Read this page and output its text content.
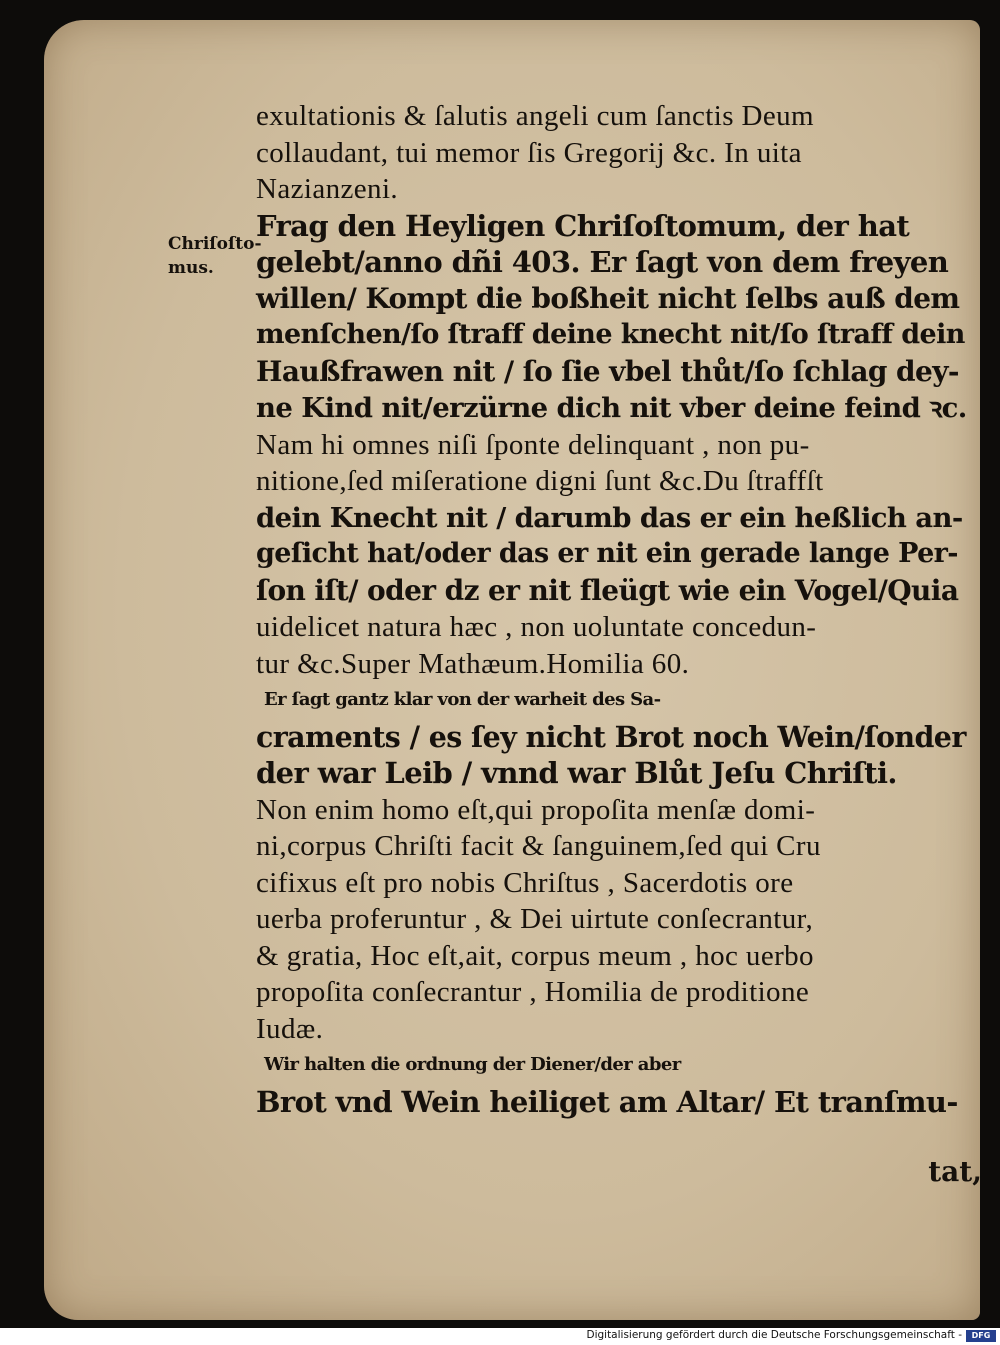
Chriſoſto-
mus.
exultationis & ſalutis angeli cum ſanctis Deum
collaudant, tui memor ſis Gregorij &c. In uita
Nazianzeni.
Frag den Heyligen Chriſoſtomum, der hat
gelebt/anno dñi 403. Er ſagt von dem freyen
willen/ Kompt die boßheit nicht ſelbs auß dem
menſchen/ſo ſtraff deine knecht nit/ſo ſtraff dein
Haußfrawen nit / ſo ſie vbel thůt/ſo ſchlag dey-
ne Kind nit/erzürne dich nit vber deine feind ꝛc.
Nam hi omnes niſi ſponte delinquant , non pu-
nitione,ſed miſeratione digni ſunt &c.Du ſtraffſt
dein Knecht nit / darumb das er ein heßlich an-
geſicht hat/oder das er nit ein gerade lange Per-
ſon iſt/ oder dz er nit fleügt wie ein Vogel/Quia
uidelicet natura hæc , non uoluntate concedun-
tur &c.Super Mathæum.Homilia 60.
Er ſagt gantz klar von der warheit des Sa-
craments / es ſey nicht Brot noch Wein/ſonder
der war Leib / vnnd war Blůt Jeſu Chriſti.
Non enim homo eſt,qui propoſita menſæ domi-
ni,corpus Chriſti facit & ſanguinem,ſed qui Cru
cifixus eſt pro nobis Chriſtus , Sacerdotis ore
uerba proferuntur , & Dei uirtute conſecrantur,
& gratia, Hoc eſt,ait, corpus meum , hoc uerbo
propoſita conſecrantur , Homilia de proditione
Iudæ.
Wir halten die ordnung der Diener/der aber
Brot vnd Wein heiliget am Altar/ Et tranſmu-
tat,
Digitalisierung gefördert durch die Deutsche Forschungsgemeinschaft -	DFG
